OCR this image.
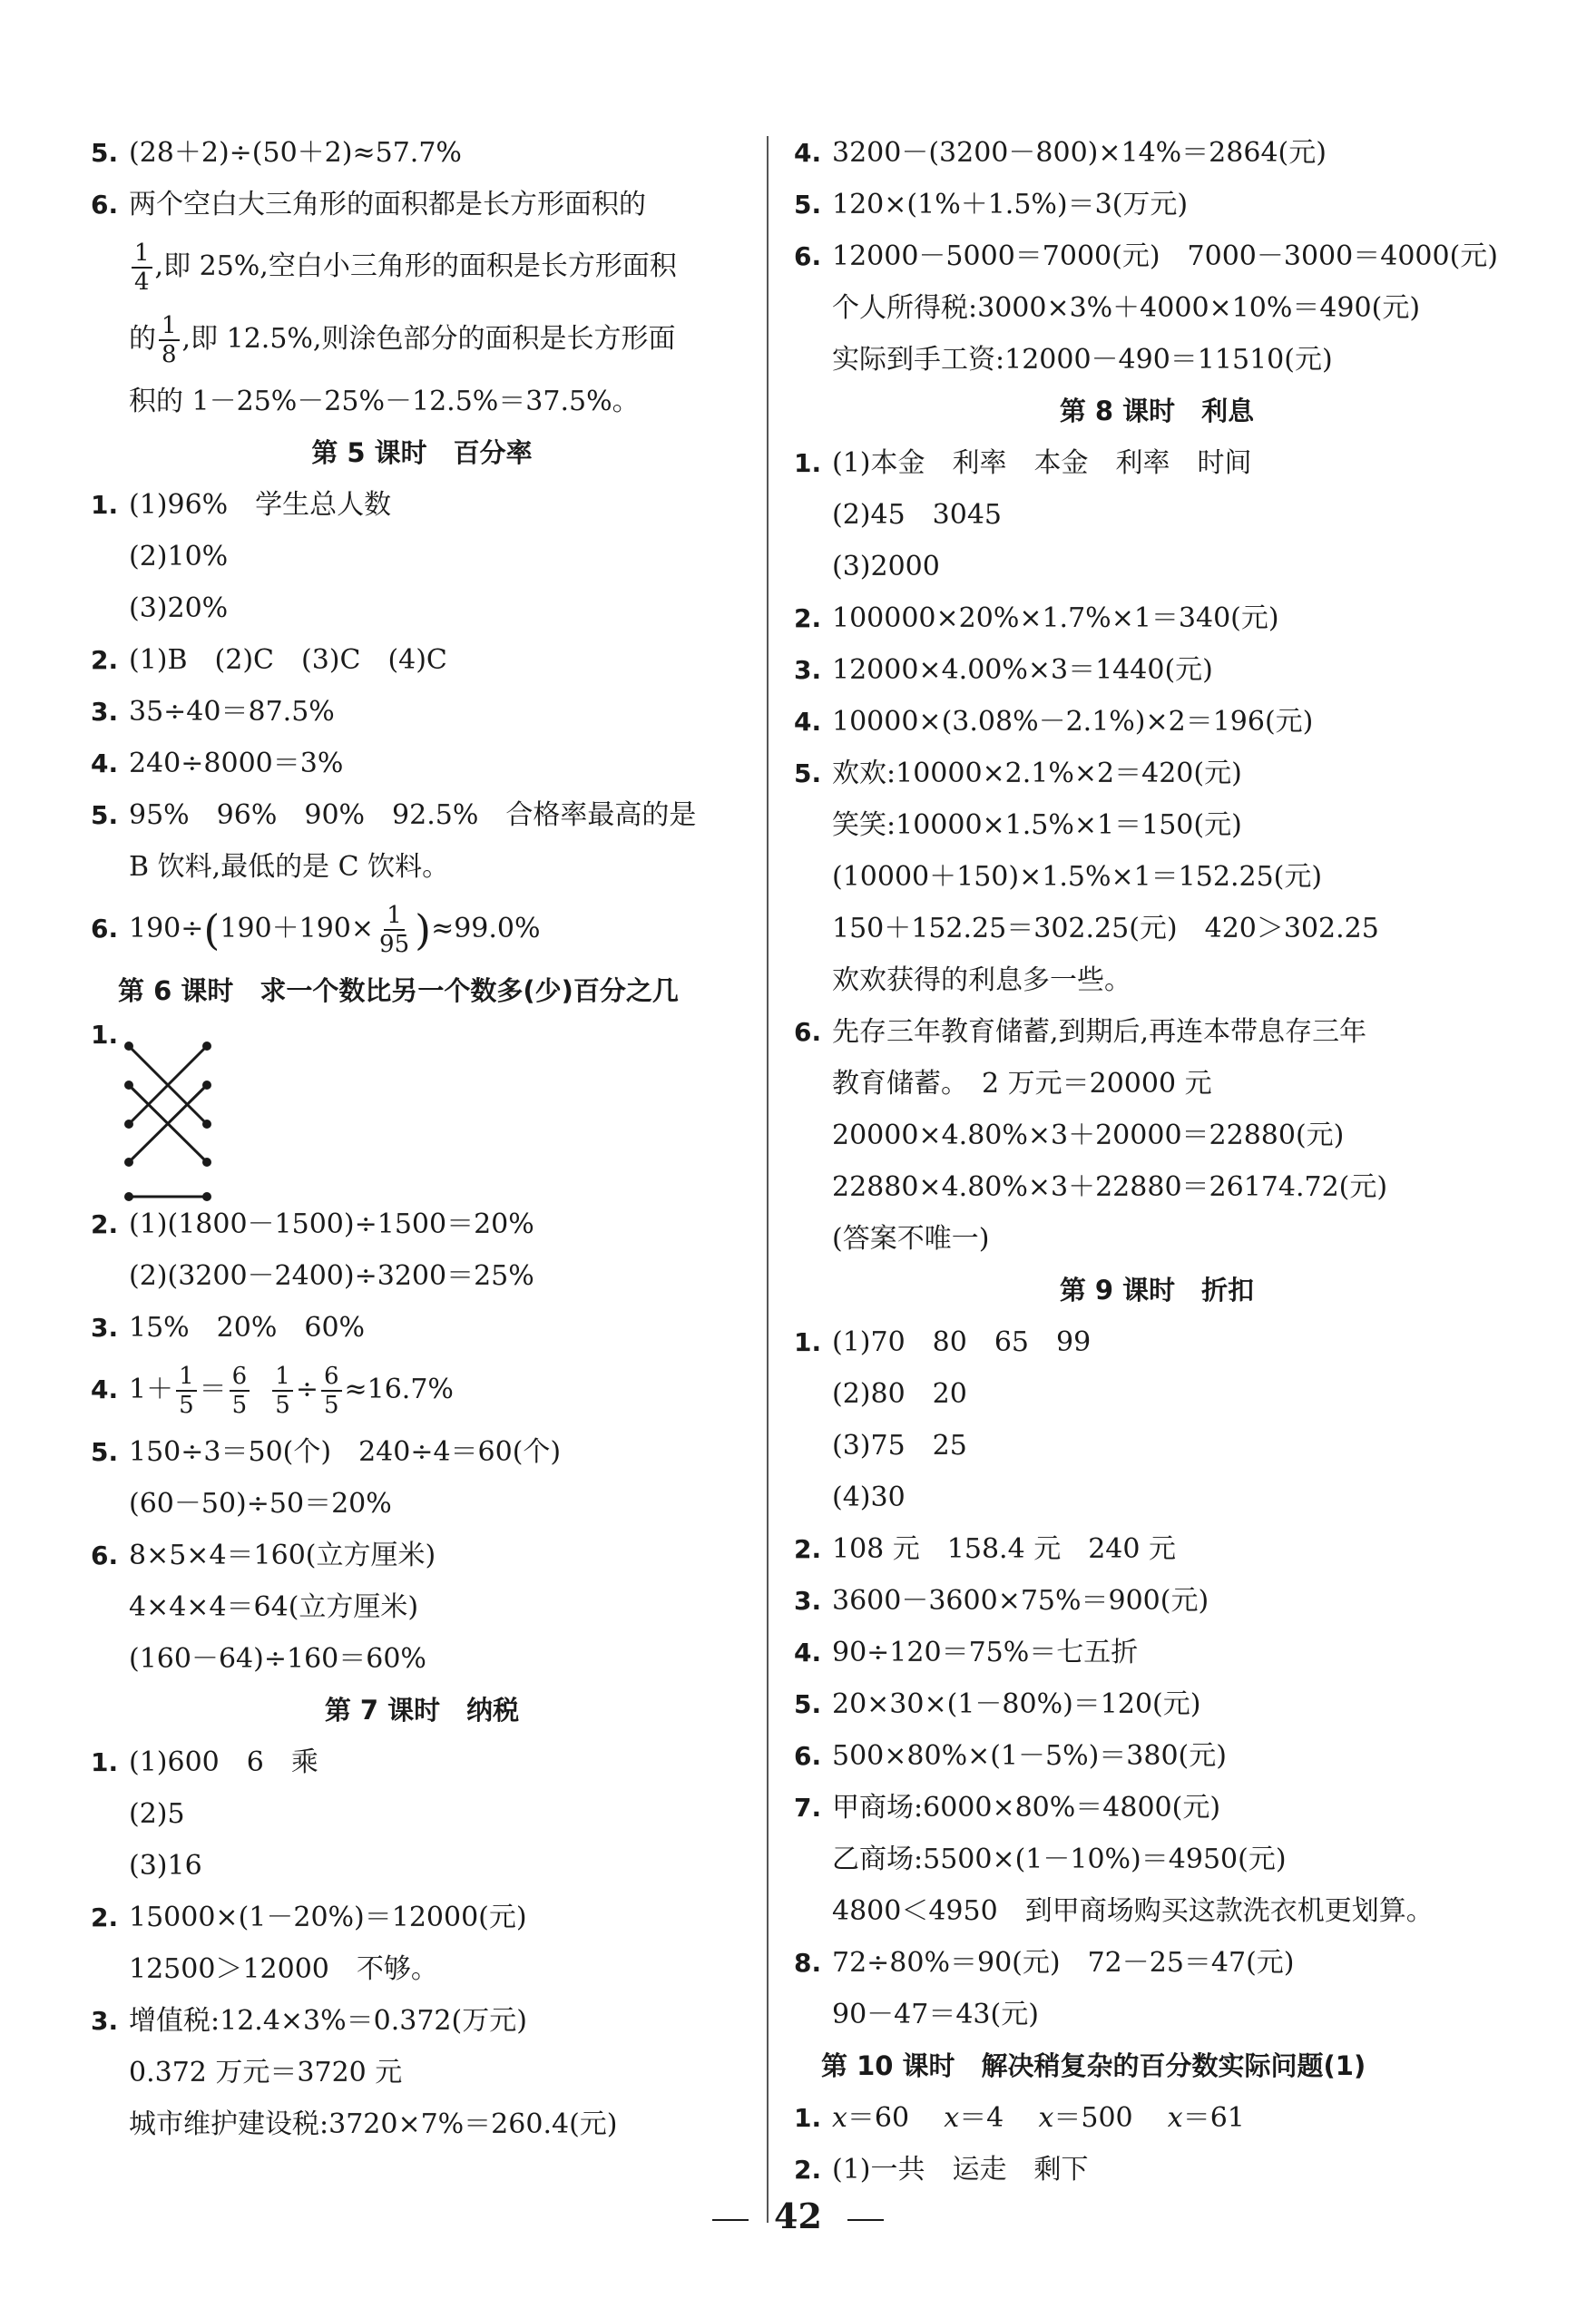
5. (28＋2)÷(50＋2)≈57.7%
6. 两个空白大三角形的面积都是长方形面积的
$\frac{1}{4}$ ,即 25%,空白小三角形的面积是长方形面积
的 $\frac{1}{8}$ ,即 12.5%,则涂色部分的面积是长方形面
积的 1－25%－25%－12.5%＝37.5%。
第 5 课时　百分率
1. (1)96%　学生总人数
(2)10%
(3)20%
2. (1)B　(2)C　(3)C　(4)C
3. 35÷40＝87.5%
4. 240÷8000＝3%
5. 95%　96%　90%　92.5%　合格率最高的是
B 饮料,最低的是 C 饮料。
6. $190\div(190+190\times \frac{1}{95} )\approx 99.0\%$
第 6 课时　求一个数比另一个数多(少)百分之几
1.
2. (1)(1800－1500)÷1500＝20%
(2)(3200－2400)÷3200＝25%
3. 15%　20%　60%
4. $1+ \frac{1}{5} = \frac{6}{5}$
$\frac{1}{5} \div \frac{6}{5} \approx 16.7\%$
5. 150÷3＝50(个)　240÷4＝60(个)
(60－50)÷50＝20%
6. 8×5×4＝160(立方厘米)
4×4×4＝64(立方厘米)
(160－64)÷160＝60%
第 7 课时　纳税
1. (1)600　6　乘
(2)5
(3)16
2. 15000×(1－20%)＝12000(元)
12500＞12000　不够。
3. 增值税:12.4×3%＝0.372(万元)
0.372 万元＝3720 元
城市维护建设税:3720×7%＝260.4(元)
4. 3200－(3200－800)×14%＝2864(元)
5. 120×(1%＋1.5%)＝3(万元)
6. 12000－5000＝7000(元)　7000－3000＝4000(元)
个人所得税:3000×3%＋4000×10%＝490(元)
实际到手工资:12000－490＝11510(元)
第 8 课时　利息
1. (1)本金　利率　本金　利率　时间
(2)45　3045
(3)2000
2. 100000×20%×1.7%×1＝340(元)
3. 12000×4.00%×3＝1440(元)
4. 10000×(3.08%－2.1%)×2＝196(元)
5. 欢欢:10000×2.1%×2＝420(元)
笑笑:10000×1.5%×1＝150(元)
(10000＋150)×1.5%×1＝152.25(元)
150＋152.25＝302.25(元)　420＞302.25
欢欢获得的利息多一些。
6. 先存三年教育储蓄,到期后,再连本带息存三年
教育储蓄。　2 万元＝20000 元
20000×4.80%×3＋20000＝22880(元)
22880×4.80%×3＋22880＝26174.72(元)
(答案不唯一)
第 9 课时　折扣
1. (1)70　80　65　99
(2)80　20
(3)75　25
(4)30
2. 108 元　158.4 元　240 元
3. 3600－3600×75%＝900(元)
4. 90÷120＝75%＝七五折
5. 20×30×(1－80%)＝120(元)
6. 500×80%×(1－5%)＝380(元)
7. 甲商场:6000×80%＝4800(元)
乙商场:5500×(1－10%)＝4950(元)
4800＜4950　到甲商场购买这款洗衣机更划算。
8. 72÷80%＝90(元)　72－25＝47(元)
90－47＝43(元)
第 10 课时　解决稍复杂的百分数实际问题(1)
1. x＝60 x＝4 x＝500 x＝61
2. (1)一共　运走　剩下
42
